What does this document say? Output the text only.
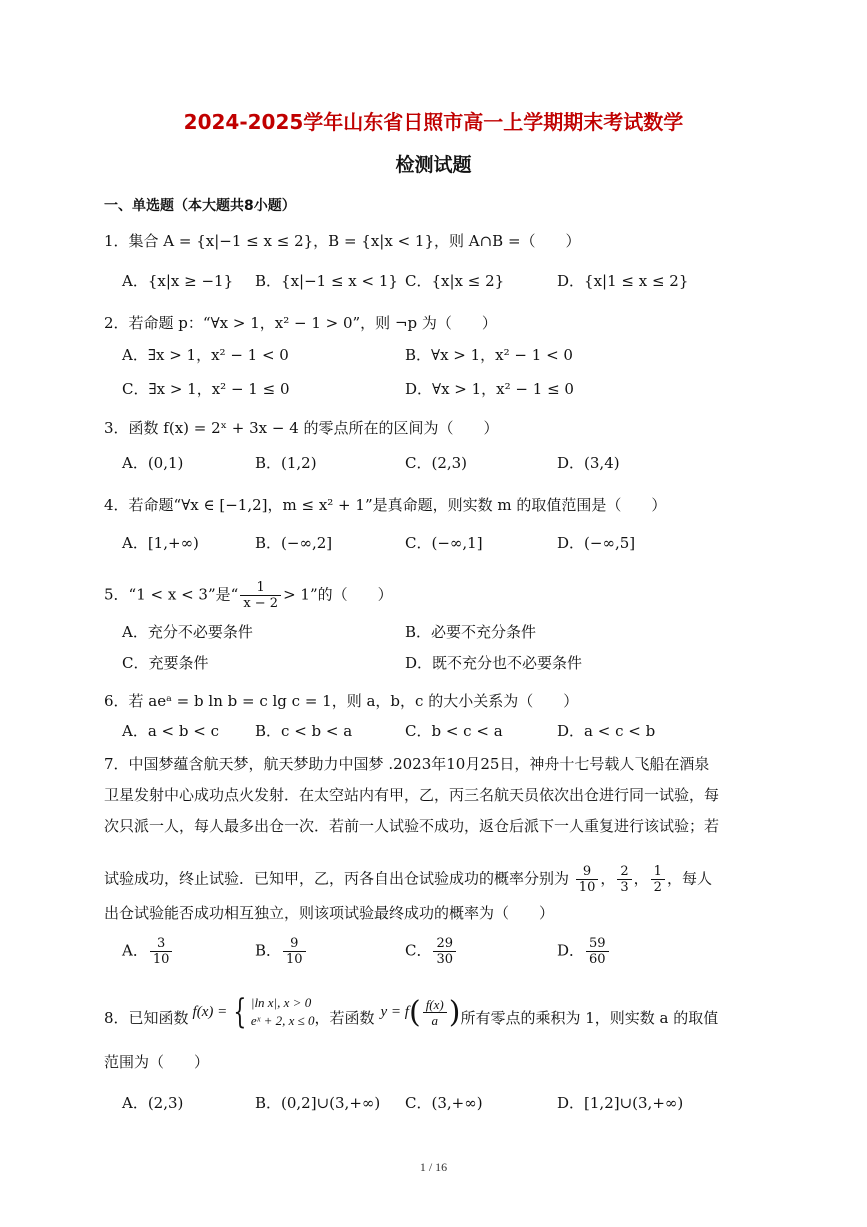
2024-2025学年山东省日照市高一上学期期末考试数学
检测试题
一、单选题（本大题共8小题）
1．集合 A = {x|−1 ≤ x ≤ 2}，B = {x|x < 1}，则 A∩B =（　　）
A．{x|x ≥ −1} B．{x|−1 ≤ x < 1} C．{x|x ≤ 2}	D．{x|1 ≤ x ≤ 2}
2．若命题 p：“∀x > 1，x² − 1 > 0”，则 ¬p 为（　　）
A．∃x > 1，x² − 1 < 0	B．∀x > 1，x² − 1 < 0
C．∃x > 1，x² − 1 ≤ 0	D．∀x > 1，x² − 1 ≤ 0
3．函数 f(x) = 2ˣ + 3x − 4 的零点所在的区间为（　　）
A．(0,1)	B．(1,2)	C．(2,3)	D．(3,4)
4．若命题“∀x ∈ [−1,2]，m ≤ x² + 1”是真命题，则实数 m 的取值范围是（　　）
A．[1,+∞)	B．(−∞,2]	C．(−∞,1]	D．(−∞,5]
5．“1 < x < 3”是“ $\frac{1}{x - 2} > 1$”的（　　）
A．充分不必要条件	B．必要不充分条件
C．充要条件	D．既不充分也不必要条件
6．若 aeᵃ = b ln b = c lg c = 1，则 a，b，c 的大小关系为（　　）
A．a < b < c B．c < b < a	C．b < c < a	D．a < c < b
7．中国梦蕴含航天梦，航天梦助力中国梦 .2023年10月25日，神舟十七号载人飞船在酒泉
卫星发射中心成功点火发射．在太空站内有甲，乙，丙三名航天员依次出仓进行同一试验，每
次只派一人，每人最多出仓一次．若前一人试验不成功，返仓后派下一人重复进行该试验；若
试验成功，终止试验．已知甲，乙，丙各自出仓试验成功的概率分别为 $\frac{9}{10}$ ， $\frac{2}{3}$ ， $\frac{1}{2}$ ，每人
出仓试验能否成功相互独立，则该项试验最终成功的概率为（　　）
A． $\frac{3}{10}$	B． $\frac{9}{10}$	C． $\frac{29}{30}$	D． $\frac{59}{60}$
8．已知函数 f(x) = { |ln x|, x > 0
eˣ + 2, x ≤ 0 ，若函数 y = f ( $\frac{f(x)}{a}$ ) 所有零点的乘积为 1，则实数 a 的取值
范围为（　　）
A．(2,3)	B．(0,2]∪(3,+∞) C．(3,+∞)	D．[1,2]∪(3,+∞)
1 / 16
